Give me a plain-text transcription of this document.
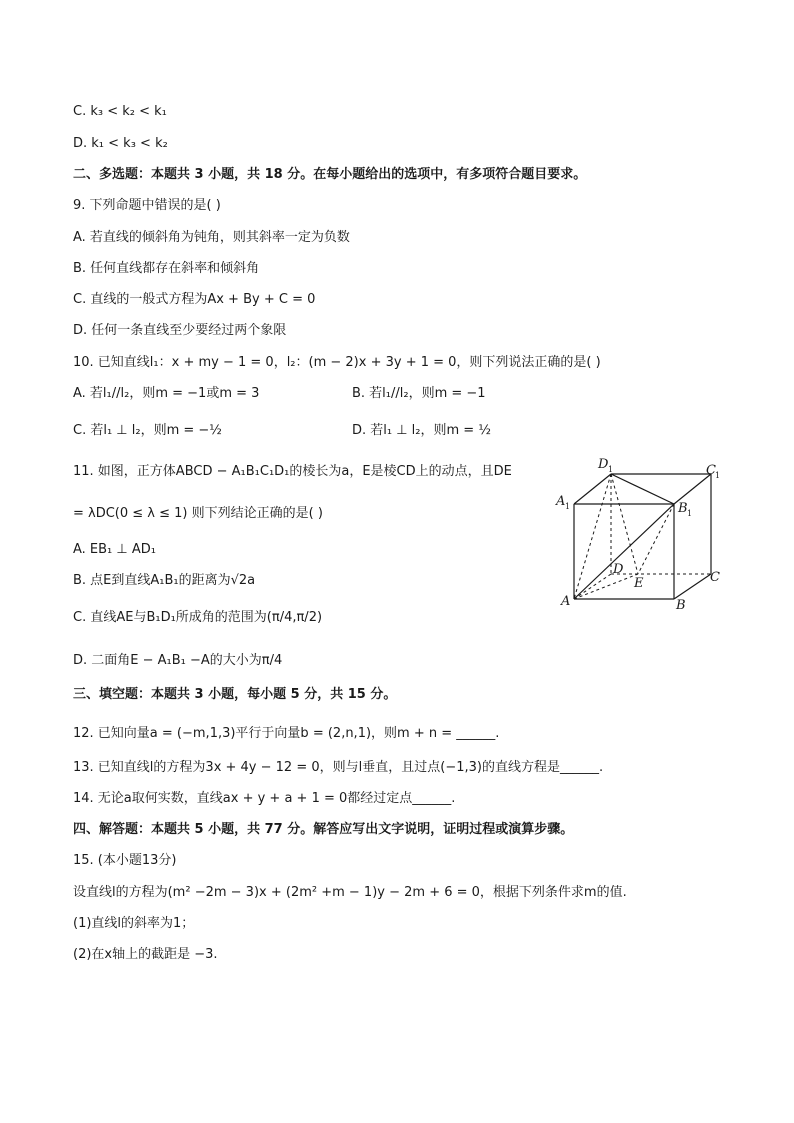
C. k₃ < k₂ < k₁
D. k₁ < k₃ < k₂
二、多选题：本题共 3 小题，共 18 分。在每小题给出的选项中，有多项符合题目要求。
9. 下列命题中错误的是( )
A. 若直线的倾斜角为钝角，则其斜率一定为负数
B. 任何直线都存在斜率和倾斜角
C. 直线的一般式方程为Ax + By + C = 0
D. 任何一条直线至少要经过两个象限
10. 已知直线l₁：x + my − 1 = 0，l₂：(m − 2)x + 3y + 1 = 0，则下列说法正确的是( )
A. 若l₁//l₂，则m = −1或m = 3	B. 若l₁//l₂，则m = −1
C. 若l₁ ⊥ l₂，则m = −½	D. 若l₁ ⊥ l₂，则m = ½
11. 如图，正方体ABCD − A₁B₁C₁D₁的棱长为a，E是棱CD上的动点，且DE
= λDC(0 ≤ λ ≤ 1) 则下列结论正确的是( )
A. EB₁ ⊥ AD₁
B. 点E到直线A₁B₁的距离为√2a
C. 直线AE与B₁D₁所成角的范围为(π/4,π/2)
D. 二面角E − A₁B₁ −A的大小为π/4
D 1	C 1
A 1	B 1
D
E	C
A	B
三、填空题：本题共 3 小题，每小题 5 分，共 15 分。
12. 已知向量a = (−m,1,3)平行于向量b = (2,n,1)，则m + n = ______.
13. 已知直线l的方程为3x + 4y − 12 = 0，则与l垂直，且过点(−1,3)的直线方程是______.
14. 无论a取何实数，直线ax + y + a + 1 = 0都经过定点______.
四、解答题：本题共 5 小题，共 77 分。解答应写出文字说明，证明过程或演算步骤。
15. (本小题13分)
设直线l的方程为(m² −2m − 3)x + (2m² +m − 1)y − 2m + 6 = 0，根据下列条件求m的值.
(1)直线l的斜率为1；
(2)在x轴上的截距是 −3.
